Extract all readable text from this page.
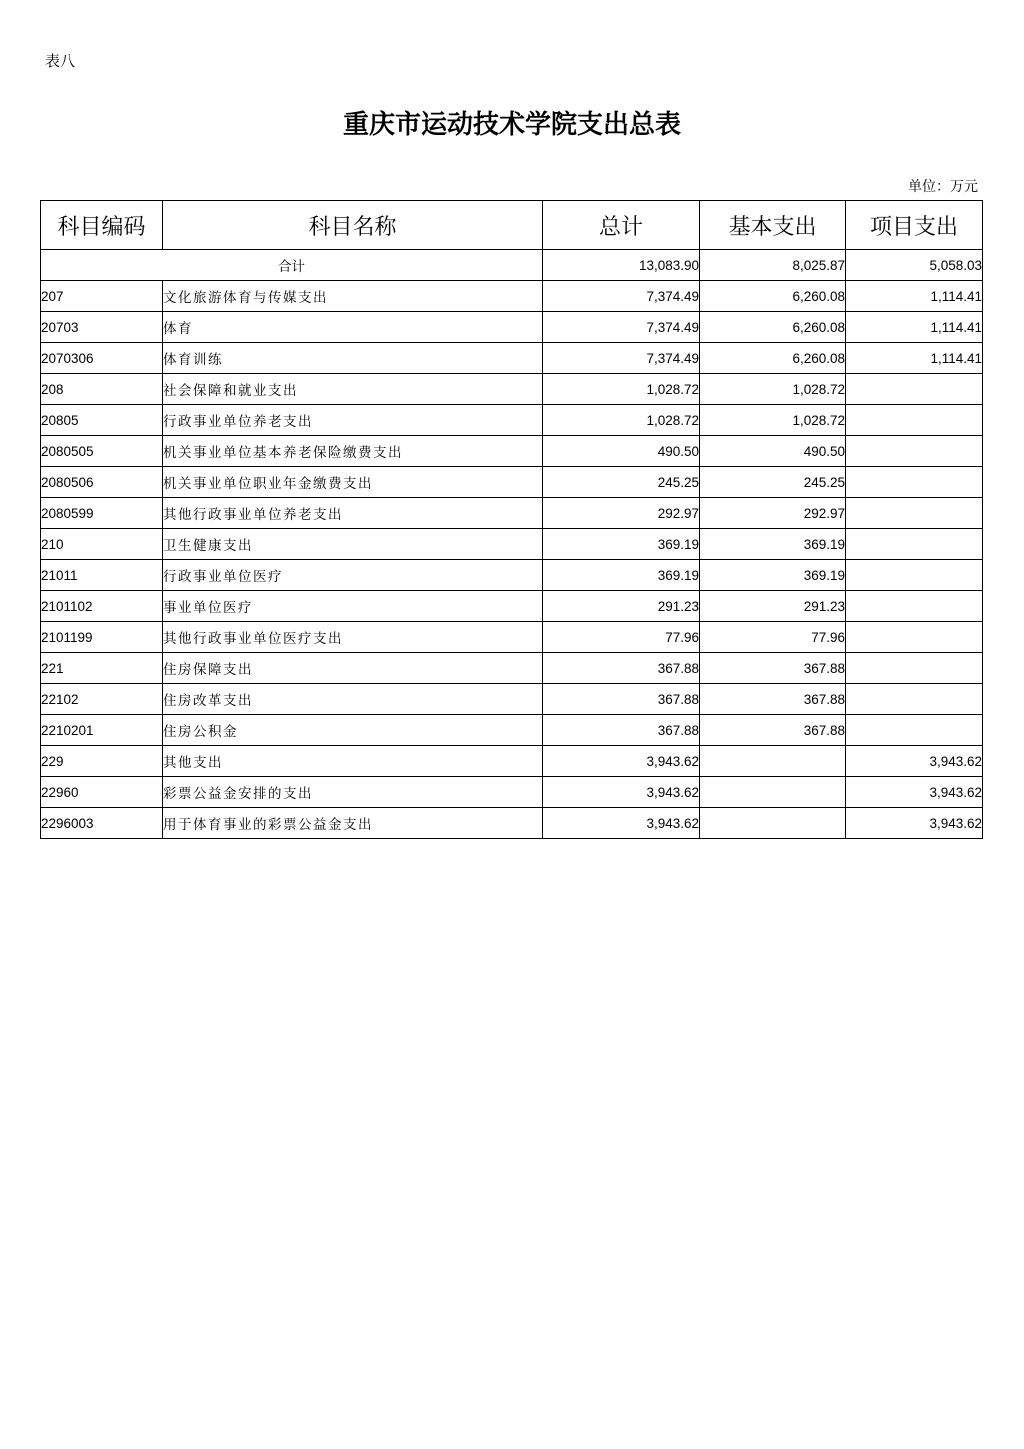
表八
重庆市运动技术学院支出总表
单位：万元
科目编码	科目名称	总计	基本支出	项目支出
合计		13,083.90	8,025.87	5,058.03
207	文化旅游体育与传媒支出	7,374.49	6,260.08	1,114.41
20703	体育	7,374.49	6,260.08	1,114.41
2070306	体育训练	7,374.49	6,260.08	1,114.41
208	社会保障和就业支出	1,028.72	1,028.72	
20805	行政事业单位养老支出	1,028.72	1,028.72	
2080505	机关事业单位基本养老保险缴费支出	490.50	490.50	
2080506	机关事业单位职业年金缴费支出	245.25	245.25	
2080599	其他行政事业单位养老支出	292.97	292.97	
210	卫生健康支出	369.19	369.19	
21011	行政事业单位医疗	369.19	369.19	
2101102	事业单位医疗	291.23	291.23	
2101199	其他行政事业单位医疗支出	77.96	77.96	
221	住房保障支出	367.88	367.88	
22102	住房改革支出	367.88	367.88	
2210201	住房公积金	367.88	367.88	
229	其他支出	3,943.62		3,943.62
22960	彩票公益金安排的支出	3,943.62		3,943.62
2296003	用于体育事业的彩票公益金支出	3,943.62		3,943.62
